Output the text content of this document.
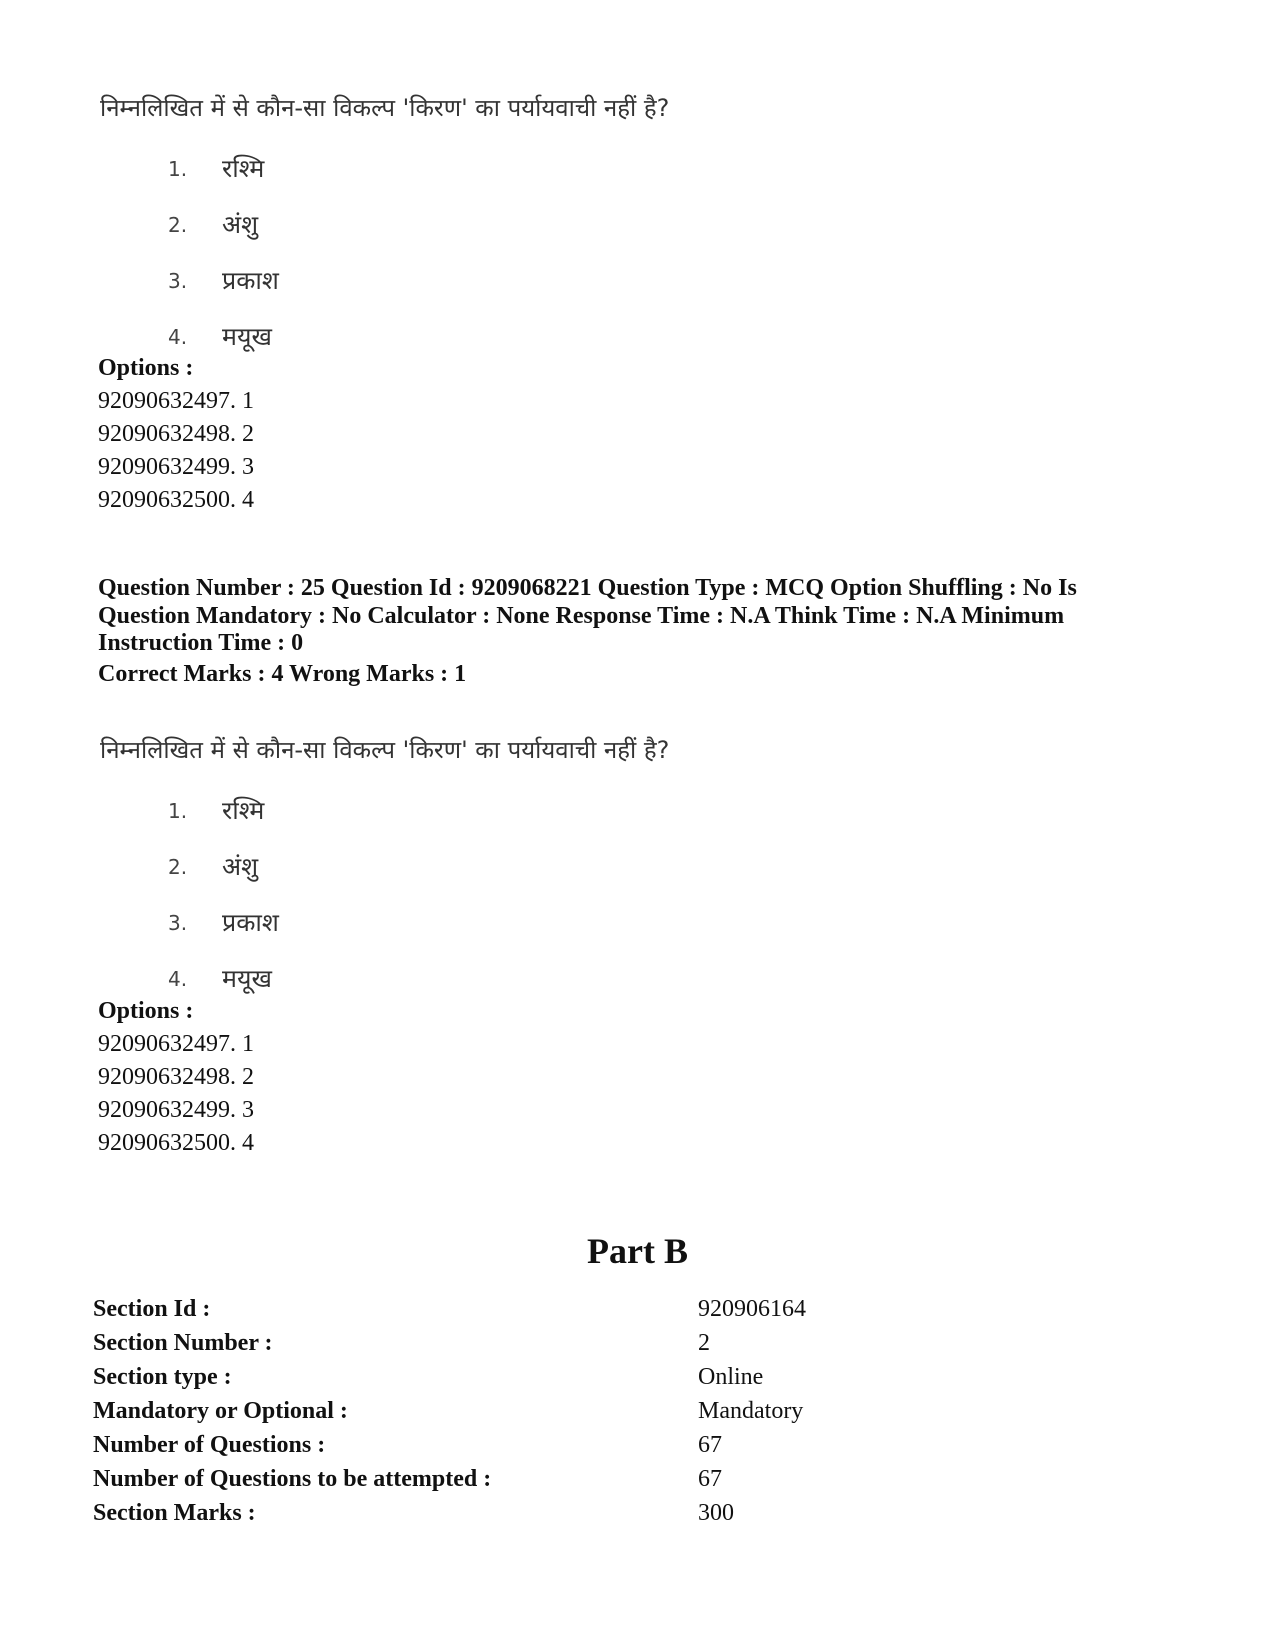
निम्नलिखित में से कौन-सा विकल्प 'किरण' का पर्यायवाची नहीं है?

1. रश्मि
2. अंशु
3. प्रकाश
4. मयूख
Options :
92090632497. 1
92090632498. 2
92090632499. 3
92090632500. 4
Question Number : 25 Question Id : 9209068221 Question Type : MCQ Option Shuffling : No Is
Question Mandatory : No Calculator : None Response Time : N.A Think Time : N.A Minimum
Instruction Time : 0
Correct Marks : 4 Wrong Marks : 1

निम्नलिखित में से कौन-सा विकल्प 'किरण' का पर्यायवाची नहीं है?

1. रश्मि
2. अंशु
3. प्रकाश
4. मयूख
Options :
92090632497. 1
92090632498. 2
92090632499. 3
92090632500. 4
Part B
Section Id :	920906164
Section Number :	2
Section type :	Online
Mandatory or Optional :	Mandatory
Number of Questions :	67
Number of Questions to be attempted :	67
Section Marks :	300
